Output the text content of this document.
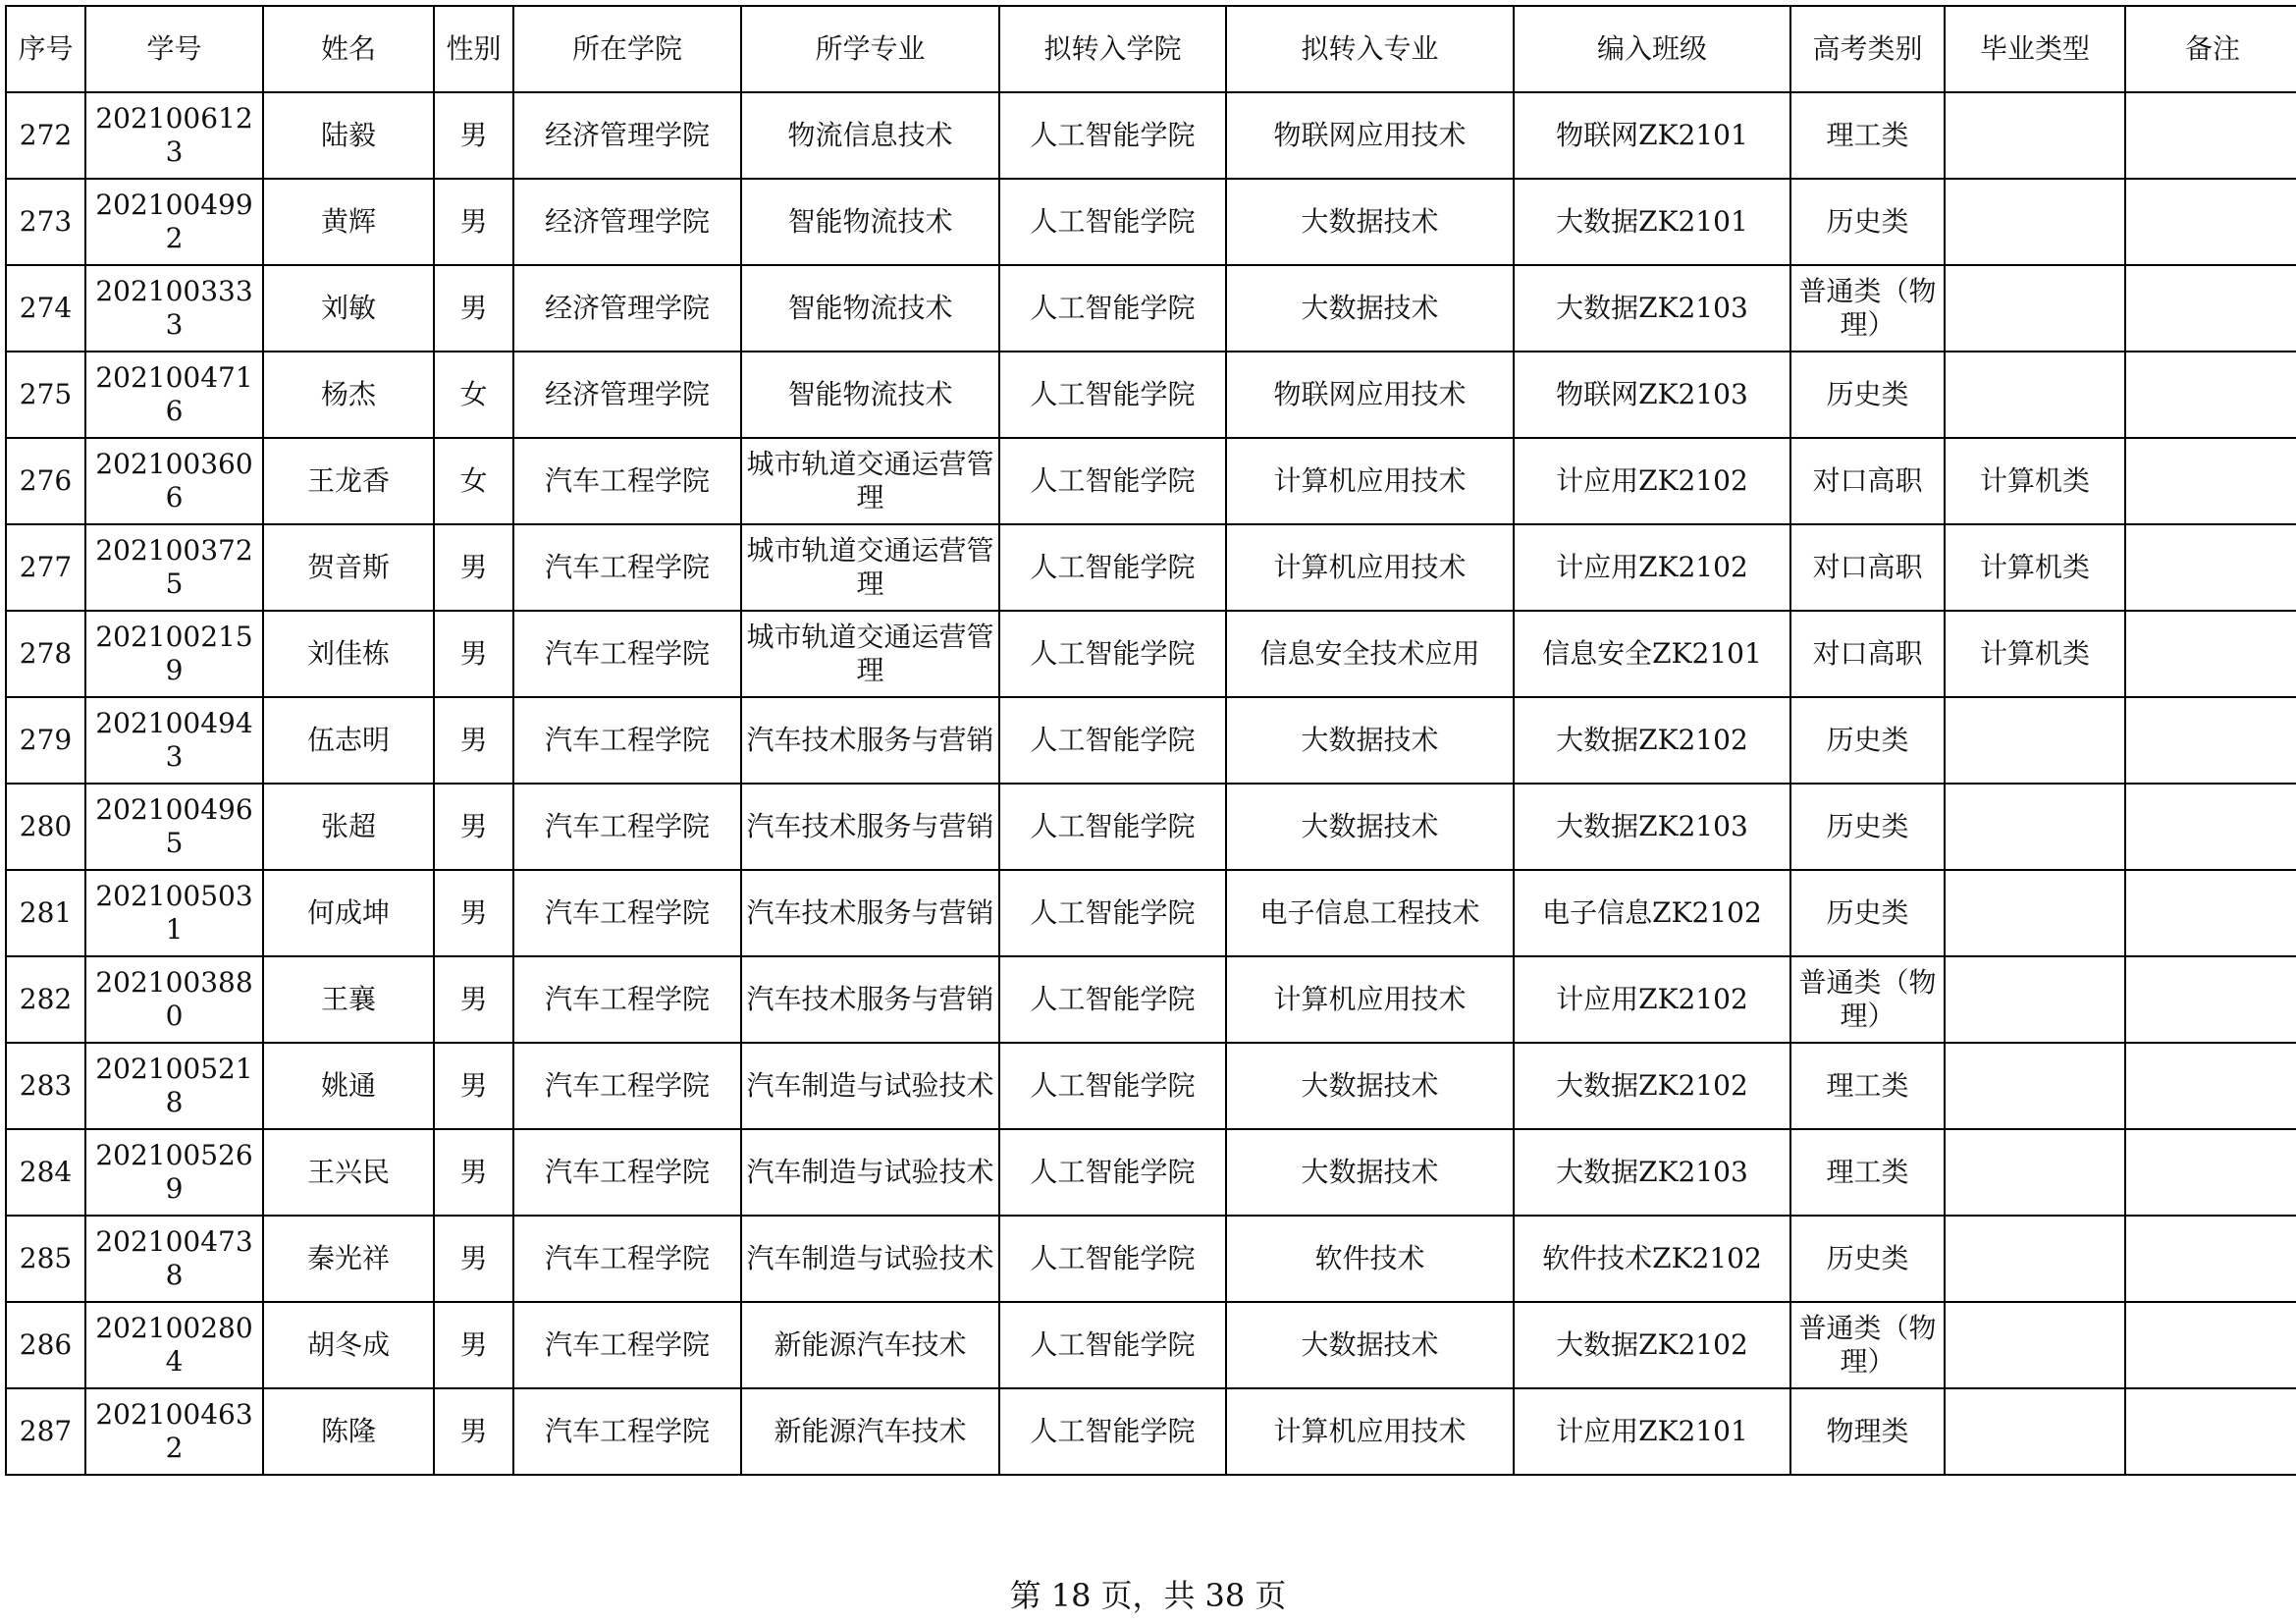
序号	学号	姓名	性别	所在学院	所学专业	拟转入学院	拟转入专业	编入班级	高考类别	毕业类型	备注
272	2021006123	陆毅	男	经济管理学院	物流信息技术	人工智能学院	物联网应用技术	物联网ZK2101	理工类		
273	2021004992	黄辉	男	经济管理学院	智能物流技术	人工智能学院	大数据技术	大数据ZK2101	历史类		
274	2021003333	刘敏	男	经济管理学院	智能物流技术	人工智能学院	大数据技术	大数据ZK2103	普通类（物理）		
275	2021004716	杨杰	女	经济管理学院	智能物流技术	人工智能学院	物联网应用技术	物联网ZK2103	历史类		
276	2021003606	王龙香	女	汽车工程学院	城市轨道交通运营管理	人工智能学院	计算机应用技术	计应用ZK2102	对口高职	计算机类	
277	2021003725	贺音斯	男	汽车工程学院	城市轨道交通运营管理	人工智能学院	计算机应用技术	计应用ZK2102	对口高职	计算机类	
278	2021002159	刘佳栋	男	汽车工程学院	城市轨道交通运营管理	人工智能学院	信息安全技术应用	信息安全ZK2101	对口高职	计算机类	
279	2021004943	伍志明	男	汽车工程学院	汽车技术服务与营销	人工智能学院	大数据技术	大数据ZK2102	历史类		
280	2021004965	张超	男	汽车工程学院	汽车技术服务与营销	人工智能学院	大数据技术	大数据ZK2103	历史类		
281	2021005031	何成坤	男	汽车工程学院	汽车技术服务与营销	人工智能学院	电子信息工程技术	电子信息ZK2102	历史类		
282	2021003880	王襄	男	汽车工程学院	汽车技术服务与营销	人工智能学院	计算机应用技术	计应用ZK2102	普通类（物理）		
283	2021005218	姚通	男	汽车工程学院	汽车制造与试验技术	人工智能学院	大数据技术	大数据ZK2102	理工类		
284	2021005269	王兴民	男	汽车工程学院	汽车制造与试验技术	人工智能学院	大数据技术	大数据ZK2103	理工类		
285	2021004738	秦光祥	男	汽车工程学院	汽车制造与试验技术	人工智能学院	软件技术	软件技术ZK2102	历史类		
286	2021002804	胡冬成	男	汽车工程学院	新能源汽车技术	人工智能学院	大数据技术	大数据ZK2102	普通类（物理）		
287	2021004632	陈隆	男	汽车工程学院	新能源汽车技术	人工智能学院	计算机应用技术	计应用ZK2101	物理类		
第 18 页，共 38 页
